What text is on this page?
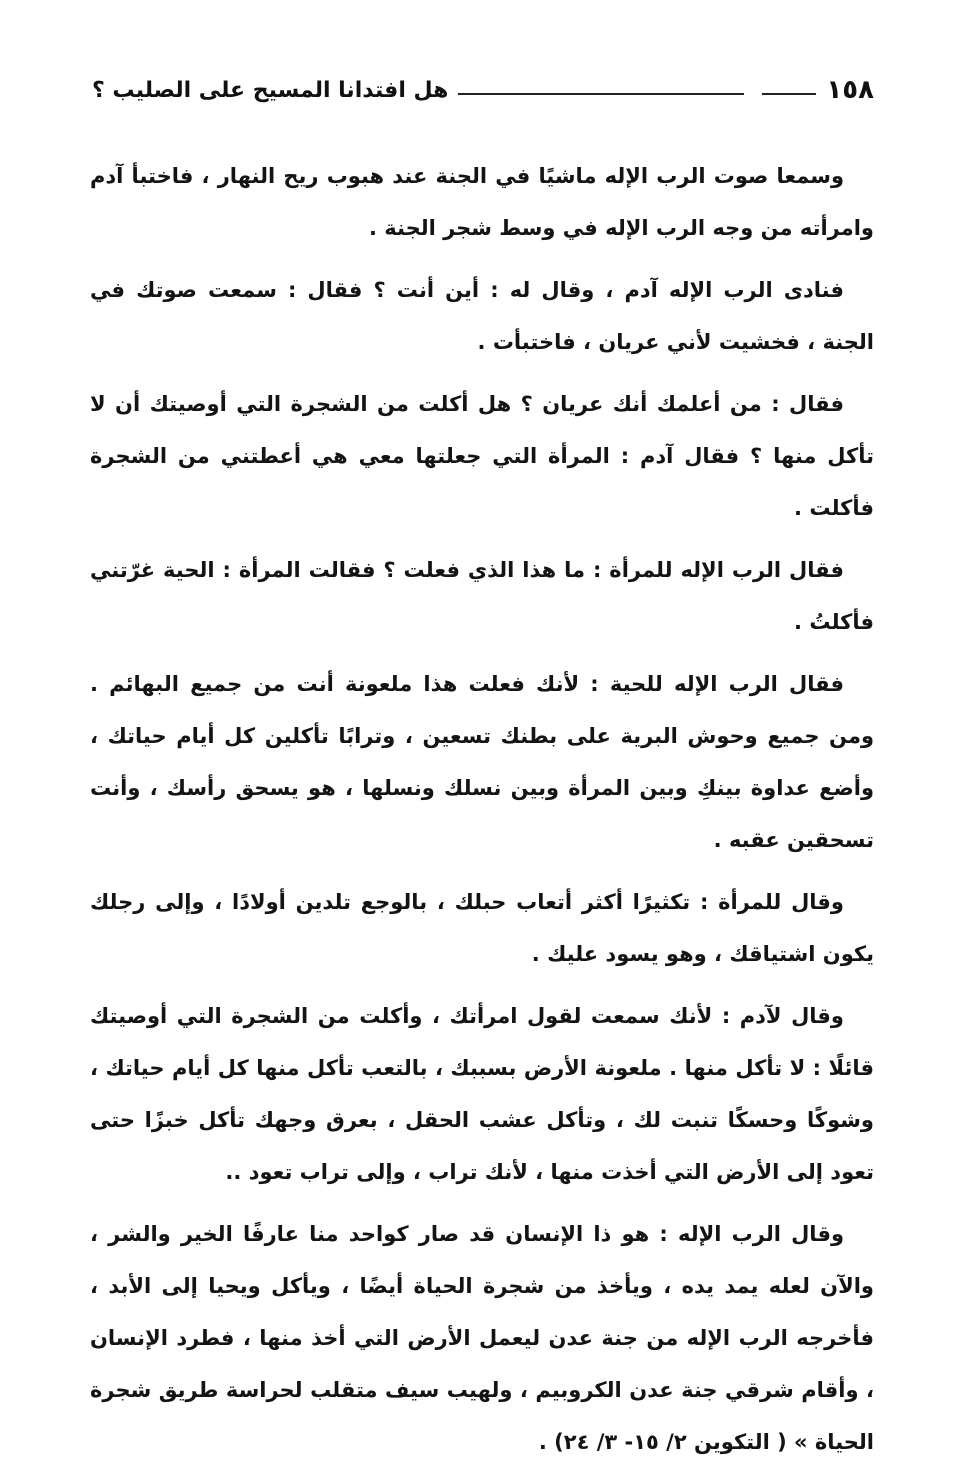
١٥٨
هل افتدانا المسيح على الصليب ؟

وسمعا صوت الرب الإله ماشيًا في الجنة عند هبوب ريح النهار ، فاختبأ آدم وامرأته من وجه الرب الإله في وسط شجر الجنة .

فنادى الرب الإله آدم ، وقال له : أين أنت ؟ فقال : سمعت صوتك في الجنة ، فخشيت لأني عريان ، فاختبأت .

فقال : من أعلمك أنك عريان ؟ هل أكلت من الشجرة التي أوصيتك أن لا تأكل منها ؟ فقال آدم : المرأة التي جعلتها معي هي أعطتني من الشجرة فأكلت .

فقال الرب الإله للمرأة : ما هذا الذي فعلت ؟ فقالت المرأة : الحية غرّتني فأكلتُ .

فقال الرب الإله للحية : لأنك فعلت هذا ملعونة أنت من جميع البهائم . ومن جميع وحوش البرية على بطنك تسعين ، وترابًا تأكلين كل أيام حياتك ، وأضع عداوة بينكِ وبين المرأة وبين نسلك ونسلها ، هو يسحق رأسك ، وأنت تسحقين عقبه .

وقال للمرأة : تكثيرًا أكثر أتعاب حبلك ، بالوجع تلدين أولادًا ، وإلى رجلك يكون اشتياقك ، وهو يسود عليك .

وقال لآدم : لأنك سمعت لقول امرأتك ، وأكلت من الشجرة التي أوصيتك قائلًا : لا تأكل منها . ملعونة الأرض بسببك ، بالتعب تأكل منها كل أيام حياتك ، وشوكًا وحسكًا تنبت لك ، وتأكل عشب الحقل ، بعرق وجهك تأكل خبزًا حتى تعود إلى الأرض التي أخذت منها ، لأنك تراب ، وإلى تراب تعود ..

وقال الرب الإله : هو ذا الإنسان قد صار كواحد منا عارفًا الخير والشر ، والآن لعله يمد يده ، ويأخذ من شجرة الحياة أيضًا ، ويأكل ويحيا إلى الأبد ، فأخرجه الرب الإله من جنة عدن ليعمل الأرض التي أخذ منها ، فطرد الإنسان ، وأقام شرقي جنة عدن الكروبيم ، ولهيب سيف متقلب لحراسة طريق شجرة الحياة » ( التكوين ٢/ ١٥- ٣/ ٢٤) .
